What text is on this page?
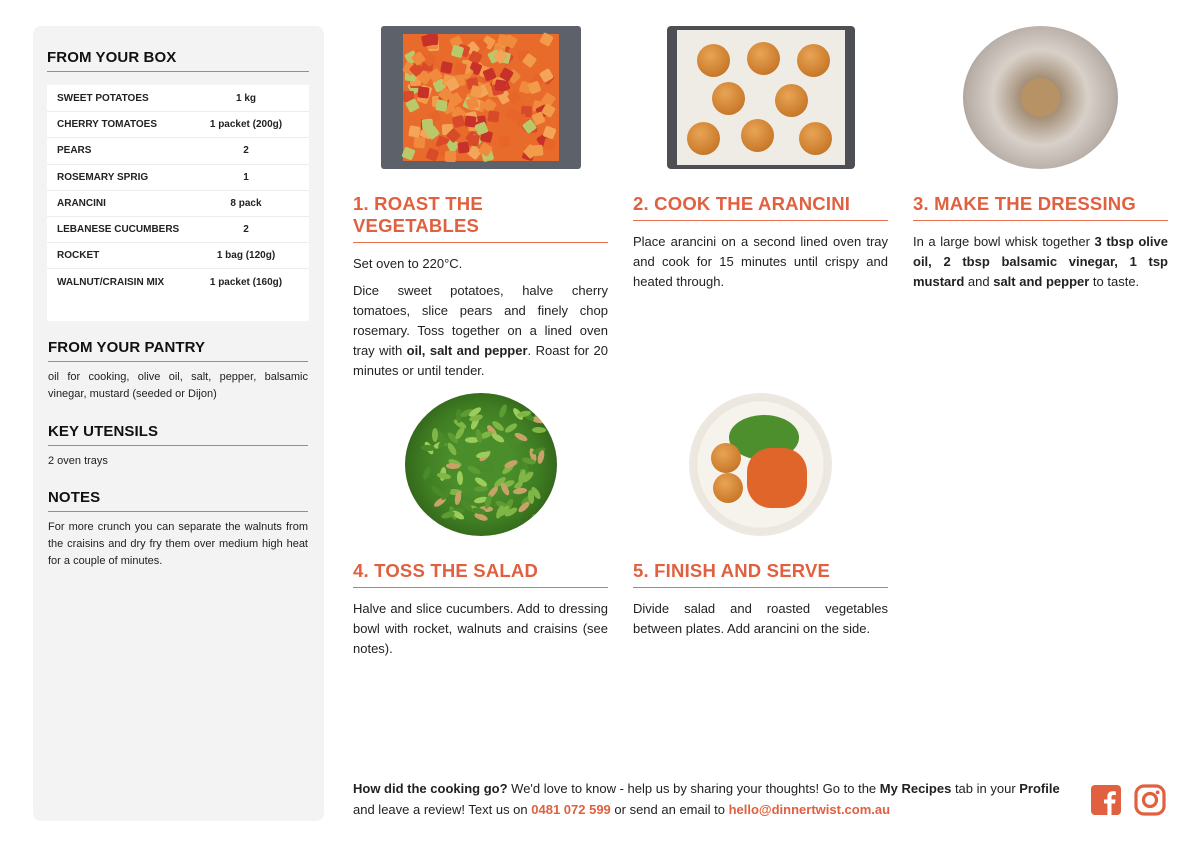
FROM YOUR BOX
SWEET POTATOES	1 kg
CHERRY TOMATOES	1 packet (200g)
PEARS	2
ROSEMARY SPRIG	1
ARANCINI	8 pack
LEBANESE CUCUMBERS	2
ROCKET	1 bag (120g)
WALNUT/CRAISIN MIX	1 packet (160g)
FROM YOUR PANTRY

oil for cooking, olive oil, salt, pepper, balsamic vinegar, mustard (seeded or Dijon)

KEY UTENSILS

2 oven trays

NOTES

For more crunch you can separate the walnuts from the craisins and dry fry them over medium high heat for a couple of minutes.

1. ROAST THE VEGETABLES

Set oven to 220°C.

Dice sweet potatoes, halve cherry tomatoes, slice pears and finely chop rosemary. Toss together on a lined oven tray with oil, salt and pepper. Roast for 20 minutes or until tender.

2. COOK THE ARANCINI

Place arancini on a second lined oven tray and cook for 15 minutes until crispy and heated through.

3. MAKE THE DRESSING

In a large bowl whisk together 3 tbsp olive oil, 2 tbsp balsamic vinegar, 1 tsp mustard and salt and pepper to taste.

4. TOSS THE SALAD

Halve and slice cucumbers. Add to dressing bowl with rocket, walnuts and craisins (see notes).

5. FINISH AND SERVE

Divide salad and roasted vegetables between plates. Add arancini on the side.

How did the cooking go? We'd love to know - help us by sharing your thoughts! Go to the My Recipes tab in your Profile and leave a review! Text us on 0481 072 599 or send an email to hello@dinnertwist.com.au
